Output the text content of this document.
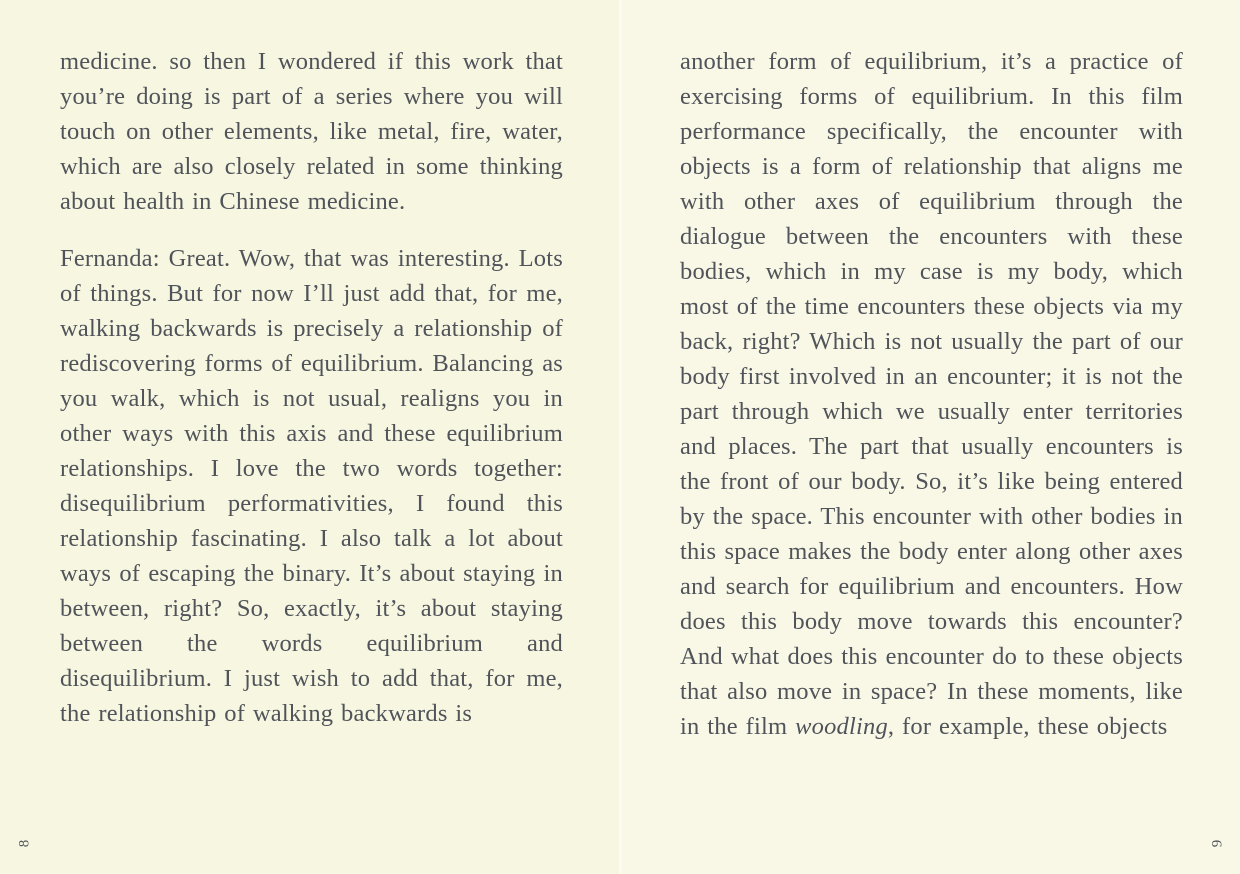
medicine. so then I wondered if this work that you’re doing is part of a series where you will touch on other elements, like metal, fire, water, which are also closely related in some thinking about health in Chinese medicine.

Fernanda: Great. Wow, that was interesting. Lots of things. But for now I’ll just add that, for me, walking backwards is precisely a relationship of rediscovering forms of equilibrium. Balancing as you walk, which is not usual, realigns you in other ways with this axis and these equilibrium relationships. I love the two words together: disequilibrium performativities, I found this relationship fascinating. I also talk a lot about ways of escaping the binary. It’s about staying in between, right? So, exactly, it’s about staying between the words equilibrium and disequilibrium. I just wish to add that, for me, the relationship of walking backwards is

8

another form of equilibrium, it’s a practice of exercising forms of equilibrium. In this film performance specifically, the encounter with objects is a form of relationship that aligns me with other axes of equilibrium through the dialogue between the encounters with these bodies, which in my case is my body, which most of the time encounters these objects via my back, right? Which is not usually the part of our body first involved in an encounter; it is not the part through which we usually enter territories and places. The part that usually encounters is the front of our body. So, it’s like being entered by the space. This encounter with other bodies in this space makes the body enter along other axes and search for equilibrium and encounters. How does this body move towards this encounter? And what does this encounter do to these objects that also move in space? In these moments, like in the film woodling, for example, these objects

9
